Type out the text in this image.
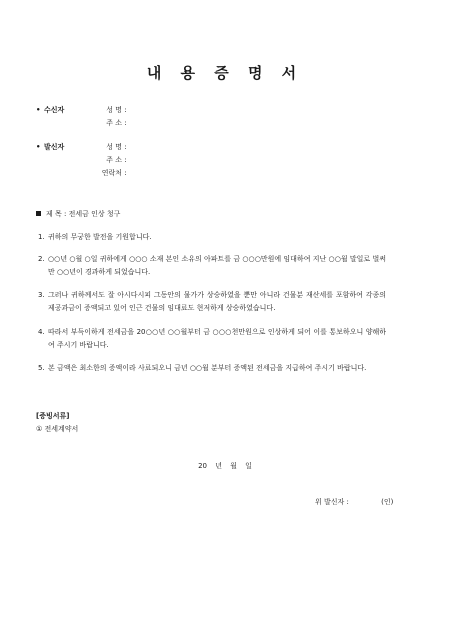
내 용 증 명 서
• 수신자	성 명 :
주 소 :
• 발신자	성 명 :
주 소 :
연락처 :
제 목 : 전세금 인상 청구
1. 귀하의 무궁한 발전을 기원합니다.
2. ○○년 ○월 ○일 귀하에게 ○○○ 소재 본인 소유의 아파트를 금 ○○○만원에 임대하여 지난 ○○월 말일로 벌써 만 ○○년이 경과하게 되었습니다.
3. 그러나 귀하께서도 잘 아시다시피 그동안의 물가가 상승하였을 뿐만 아니라 건물분 재산세를 포함하여 각종의 제공과금이 증액되고 있어 인근 건물의 임대료도 현저하게 상승하였습니다.
4. 따라서 부득이하게 전세금을 20○○년 ○○월부터 금 ○○○천만원으로 인상하게 되어 이를 통보하오니 양해하여 주시기 바랍니다.
5. 본 금액은 최소한의 증액이라 사료되오니 금년 ○○월 분부터 증액된 전세금을 지급하여 주시기 바랍니다.
[증빙서류]
① 전세계약서
20 년 월 일
위 발신자 :	(인)
